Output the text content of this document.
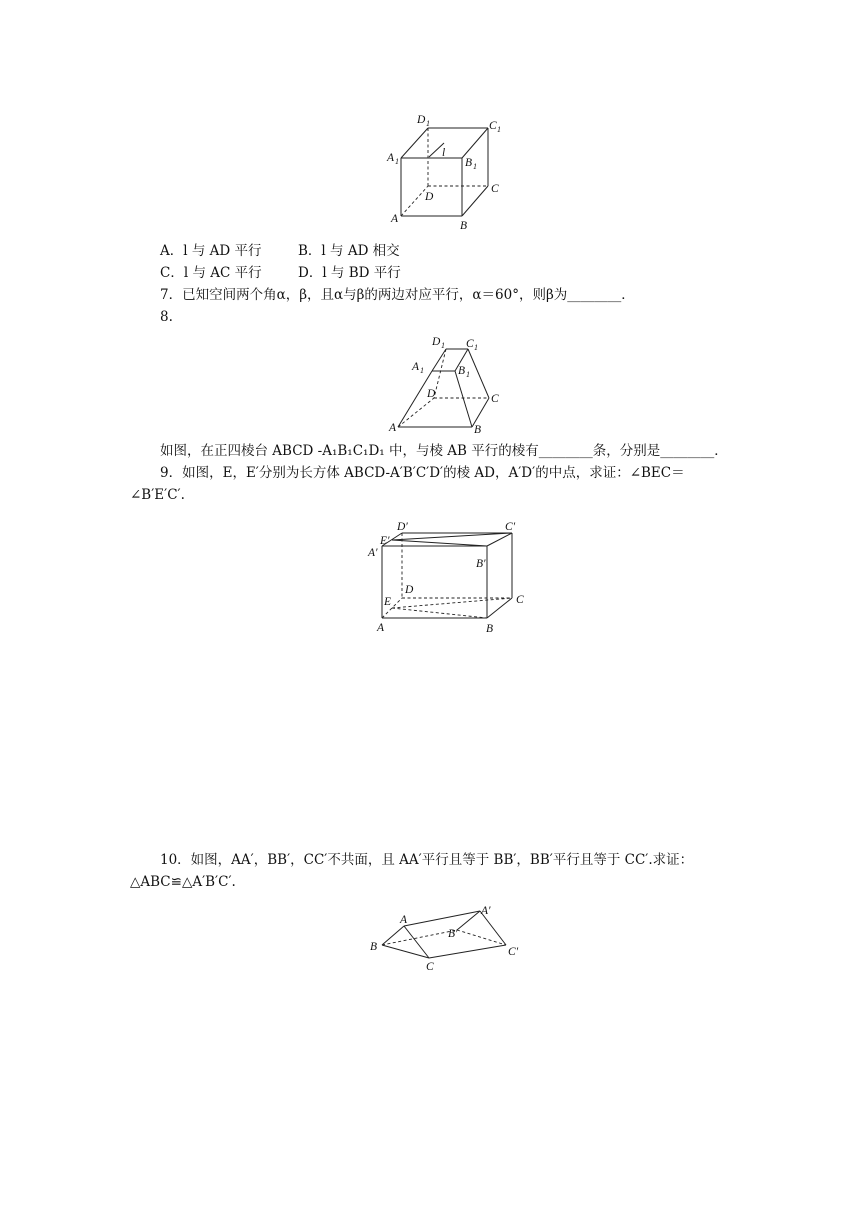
D 1	C 1
A 1
l
B 1
C
D
A
B
A．l 与 AD 平行	B．l 与 AD 相交
C．l 与 AC 平行	D．l 与 BD 平行
7．已知空间两个角α，β，且α与β的两边对应平行，α＝60°，则β为________．
8.
D 1 C 1
A 1	B 1
D	C
A	B
如图，在正四棱台 ABCD -A₁B₁C₁D₁ 中，与棱 AB 平行的棱有________条，分别是________．
9．如图，E，E′分别为长方体 ABCD-A′B′C′D′的棱 AD，A′D′的中点，求证：∠BEC＝
∠B′E′C′.
D′	C′
E′
A′
B′
D
E	C
A	B
10．如图，AA′，BB′，CC′不共面，且 AA′平行且等于 BB′，BB′平行且等于 CC′.求证：
△ABC≌△A′B′C′.
A
A′
B′
B
C
C′
